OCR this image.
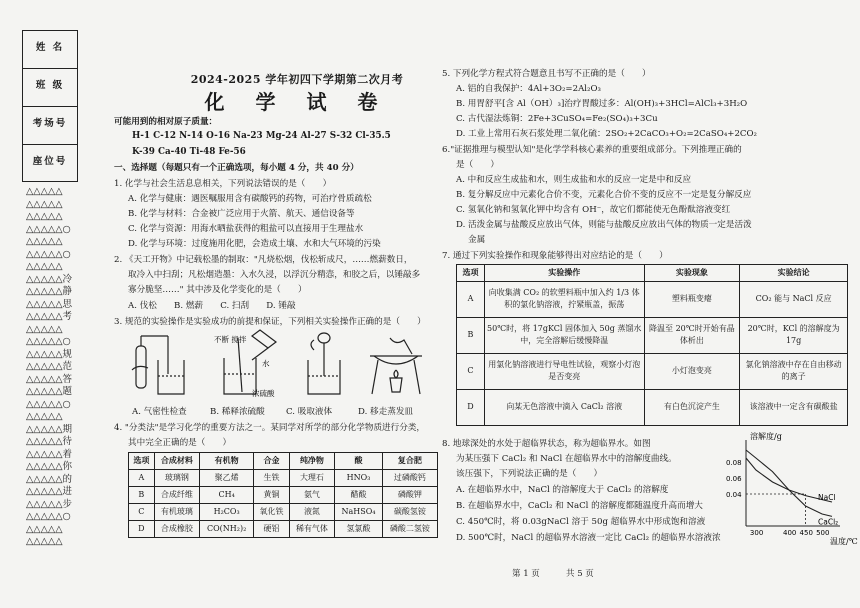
姓 名
班 级
考场号
座位号
△△△△△
△△△△△
△△△△△
△△△△△○
△△△△△
△△△△△○
△△△△△
△△△△△冷
△△△△△静
△△△△△思
△△△△△考
△△△△△
△△△△△○
△△△△△规
△△△△△范
△△△△△答
△△△△△题
△△△△△○
△△△△△
△△△△△期
△△△△△待
△△△△△着
△△△△△你
△△△△△的
△△△△△进
△△△△△步
△△△△△○
△△△△△
△△△△△
2024-2025 学年初四下学期第二次月考
化 学 试 卷
可能用到的相对原子质量：
H-1 C-12 N-14 O-16 Na-23 Mg-24 Al-27 S-32 Cl-35.5
K-39 Ca-40 Ti-48 Fe-56
一、选择题（每题只有一个正确选项，每小题 4 分，共 40 分）
1. 化学与社会生活息息相关，下列说法错误的是（　　）
A. 化学与健康：遇医嘱服用含有碳酸钙的药物，可治疗骨质疏松
B. 化学与材料：合金被广泛应用于火箭、航天、通信设备等
C. 化学与资源：用海水晒盐获得的粗盐可以直接用于生理盐水
D. 化学与环境：过度施用化肥，会造成土壤、水和大气环境的污染
2. 《天工开物》中记载松墨的制取："凡烧松烟，伐松斩成尺，……燃薪数日，
取冷入中扫刮；凡松烟造墨：入水久浸，以浮沉分精悫，和胶之后，以锤敲多
寡分脆坚……" 其中涉及化学变化的是（　　）
A. 伐松　　B. 燃薪　　C. 扫刮　　D. 锤敲
3. 规范的实验操作是实验成功的前提和保证，下列相关实验操作正确的是（　　）
不断 搅拌
水
浓硫酸
A. 气密性检查	B. 稀释浓硫酸 C. 吸取液体	D. 移走蒸发皿
4. "分类法"是学习化学的重要方法之一。某同学对所学的部分化学物质进行分类，
其中完全正确的是（　　）
选项	合成材料	有机物	合金	纯净物	酸	复合肥
A	玻璃钢	聚乙烯	生铁	大理石	HNO₃	过磷酸钙
B	合成纤维	CH₄	黄铜	氨气	醋酸	磷酸钾
C	有机玻璃	H₂CO₃	氧化铁	液氮	NaHSO₄	碳酸氢铵
D	合成橡胶	CO(NH₂)₂	硬铝	稀有气体	氢氯酸	磷酸二氢铵
5. 下列化学方程式符合题意且书写不正确的是（　　）
A. 铝的自我保护：4Al+3O₂=2Al₂O₃
B. 用胃舒平[含 Al（OH）₃]治疗胃酸过多：Al(OH)₃+3HCl=AlCl₃+3H₂O
C. 古代湿法炼铜：2Fe+3CuSO₄=Fe₂(SO₄)₃+3Cu
D. 工业上常用石灰石浆处理二氧化硫：2SO₂+2CaCO₃+O₂=2CaSO₄+2CO₂
6."证据推理与模型认知"是化学学科核心素养的重要组成部分。下列推理正确的
是（　　）
A. 中和反应生成盐和水，则生成盐和水的反应一定是中和反应
B. 复分解反应中元素化合价不变，元素化合价不变的反应不一定是复分解反应
C. 氢氧化钠和氢氧化钾中均含有 OH⁻，故它们都能使无色酚酞溶液变红
D. 活泼金属与盐酸反应放出气体，则能与盐酸反应放出气体的物质一定是活泼
金属
7. 通过下列实验操作和现象能够得出对应结论的是（　　）
选项	实验操作	实验现象	实验结论
A	向收集满 CO₂ 的软塑料瓶中加入约 1/3 体积的氯化钠溶液，拧紧瓶盖，振荡	塑料瓶变瘪	CO₂ 能与 NaCl 反应
B	50℃时，将 17gKCl 固体加入 50g 蒸馏水中，完全溶解后缓慢降温	降温至 20℃时开始有晶体析出	20℃时，KCl 的溶解度为 17g
C	用氯化钠溶液进行导电性试验，观察小灯泡是否变亮	小灯泡变亮	氯化钠溶液中存在自由移动的离子
D	向某无色溶液中滴入 CaCl₂ 溶液	有白色沉淀产生	该溶液中一定含有碳酸盐
8. 地球深处的水处于超临界状态，称为超临界水。如图
为某压强下 CaCl₂ 和 NaCl 在超临界水中的溶解度曲线。
该压强下，下列说法正确的是（　　）
A. 在超临界水中，NaCl 的溶解度大于 CaCl₂ 的溶解度
B. 在超临界水中，CaCl₂ 和 NaCl 的溶解度都随温度升高而增大
C. 450℃时，将 0.03gNaCl 溶于 50g 超临界水中形成饱和溶液
D. 500℃时，NaCl 的超临界水溶液一定比 CaCl₂ 的超临界水溶液浓
溶解度/g
温度/℃
0.04
0.06
0.08
300	400 450 500
NaCl
CaCl₂
第 1 页	共 5 页
